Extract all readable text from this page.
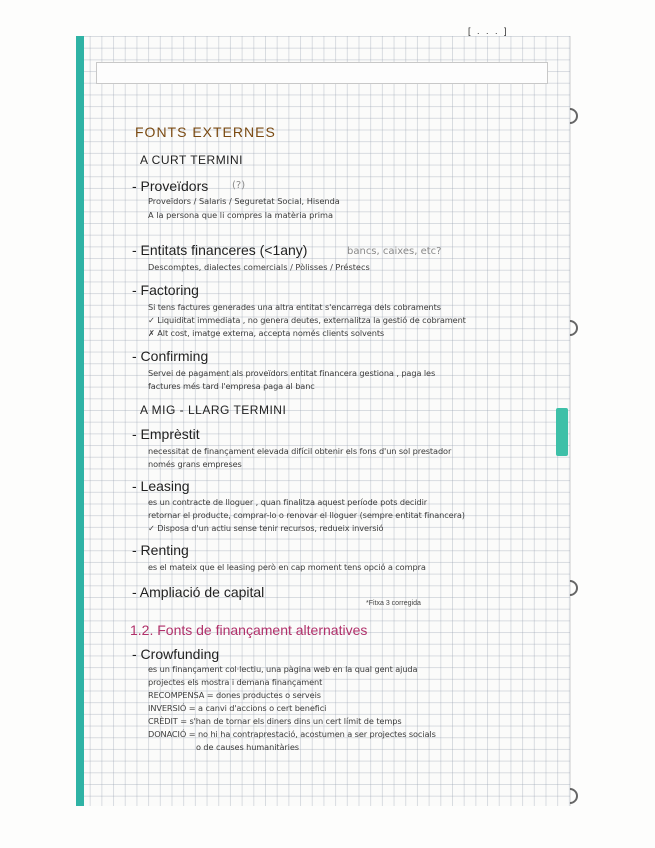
[ . . . ]
FONTS EXTERNES
A CURT TERMINI
- Proveïdors (?)
Proveïdors / Salaris / Seguretat Social, Hisenda
A la persona que li compres la matèria prima
- Entitats financeres (<1any)	bancs, caixes, etc?
Descomptes, dialectes comercials / Pòlisses / Préstecs
- Factoring
Si tens factures generades una altra entitat s'encarrega dels cobraments
✓ Liquiditat immediata , no genera deutes, externalitza la gestió de cobrament
✗ Alt cost, imatge externa, accepta només clients solvents
- Confirming
Servei de pagament als proveïdors entitat financera gestiona , paga les
factures més tard l'empresa paga al banc
A MIG - LLARG TERMINI
- Emprèstit
necessitat de finançament elevada difícil obtenir els fons d'un sol prestador
només grans empreses
- Leasing
es un contracte de lloguer , quan finalitza aquest període pots decidir
retornar el producte, comprar-lo o renovar el lloguer (sempre entitat financera)
✓ Disposa d'un actiu sense tenir recursos, redueix inversió
- Renting
es el mateix que el leasing però en cap moment tens opció a compra
- Ampliació de capital
*Fitxa 3 corregida
1.2. Fonts de finançament alternatives
- Crowfunding
es un finançament col·lectiu, una pàgina web en la qual gent ajuda
projectes els mostra i demana finançament
RECOMPENSA = dones productes o serveis
INVERSIÓ = a canvi d'accions o cert benefici
CRÈDIT = s'han de tornar els diners dins un cert límit de temps
DONACIÓ = no hi ha contraprestació, acostumen a ser projectes socials
o de causes humanitàries
